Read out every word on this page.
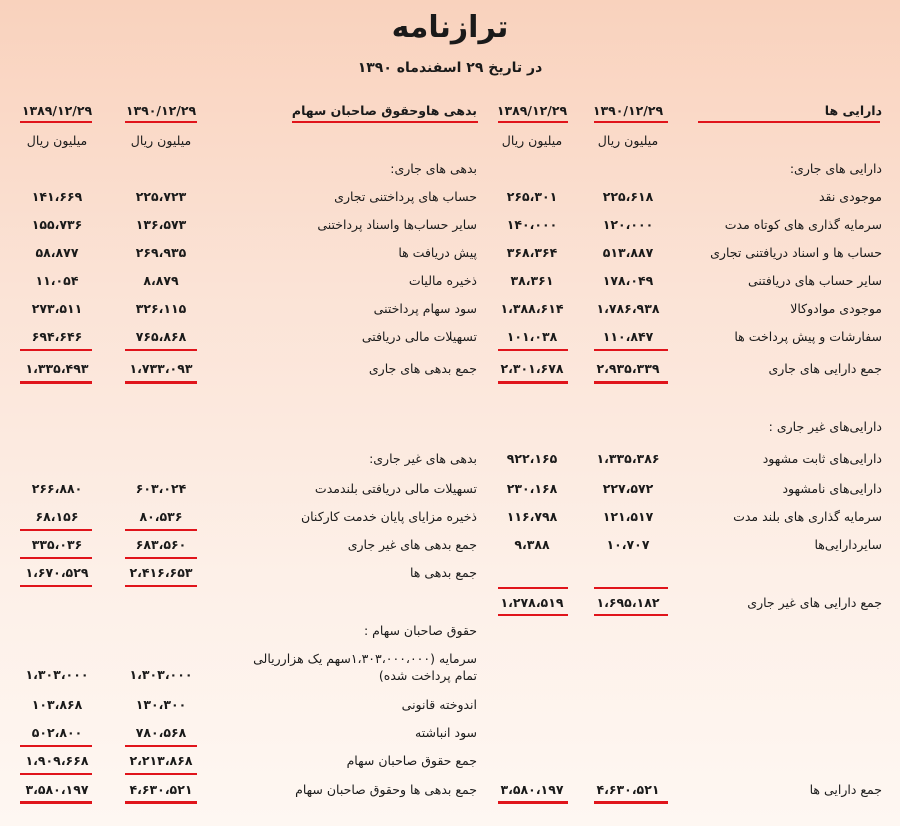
ترازنامه
در تاریخ ۲۹ اسفندماه ۱۳۹۰
دارایی ها
۱۳۹۰/۱۲/۲۹
۱۳۸۹/۱۲/۲۹
بدهی هاوحقوق صاحبان سهام
۱۳۹۰/۱۲/۲۹
۱۳۸۹/۱۲/۲۹
میلیون ریال
میلیون ریال
میلیون ریال
میلیون ریال
دارایی های جاری:
بدهی های جاری:
موجودی نقد
۲۲۵،۶۱۸
۲۶۵،۳۰۱
سرمایه گذاری های کوتاه مدت
۱۲۰،۰۰۰
۱۴۰،۰۰۰
حساب ها و اسناد دریافتنی تجاری
۵۱۳،۸۸۷
۳۶۸،۳۶۴
سایر حساب های دریافتنی
۱۷۸،۰۴۹
۳۸،۳۶۱
موجودی موادوکالا
۱،۷۸۶،۹۳۸
۱،۳۸۸،۶۱۴
سفارشات و پیش پرداخت ها
۱۱۰،۸۴۷
۱۰۱،۰۳۸
حساب های پرداختنی تجاری
۲۲۵،۷۲۳
۱۴۱،۶۶۹
سایر حساب‌ها واسناد پرداختنی
۱۳۶،۵۷۳
۱۵۵،۷۳۶
پیش دریافت ها
۲۶۹،۹۳۵
۵۸،۸۷۷
ذخیره مالیات
۸،۸۷۹
۱۱،۰۵۴
سود سهام پرداختنی
۳۲۶،۱۱۵
۲۷۳،۵۱۱
تسهیلات مالی دریافتی
۷۶۵،۸۶۸
۶۹۴،۶۴۶
جمع دارایی های جاری
۲،۹۳۵،۳۳۹
۲،۳۰۱،۶۷۸
جمع بدهی های جاری
۱،۷۳۳،۰۹۳
۱،۳۳۵،۴۹۳
دارایی‌های غیر جاری :
بدهی های غیر جاری:	دارایی‌های ثابت مشهود
۱،۳۳۵،۳۸۶
۹۲۲،۱۶۵
دارایی‌های نامشهود
۲۲۷،۵۷۲
۲۳۰،۱۶۸
سرمایه گذاری های بلند مدت
۱۲۱،۵۱۷
۱۱۶،۷۹۸
سایردارایی‌ها
۱۰،۷۰۷
۹،۳۸۸
تسهیلات مالی دریافتی بلندمدت
۶۰۳،۰۲۴
۲۶۶،۸۸۰
ذخیره مزایای پایان خدمت کارکنان
۸۰،۵۳۶
۶۸،۱۵۶
جمع بدهی های غیر جاری
۶۸۳،۵۶۰
۳۳۵،۰۳۶
جمع بدهی ها
۲،۴۱۶،۶۵۳
۱،۶۷۰،۵۲۹
۱،۶۹۵،۱۸۲
۱،۲۷۸،۵۱۹	جمع دارایی های غیر جاری
حقوق صاحبان سهام :
سرمایه (۱،۳۰۳،۰۰۰،۰۰۰سهم یک هزارریالی تمام پرداخت شده)
۱،۳۰۳،۰۰۰
۱،۳۰۳،۰۰۰
اندوخته قانونی
۱۳۰،۳۰۰
۱۰۳،۸۶۸
سود انباشته
۷۸۰،۵۶۸
۵۰۲،۸۰۰
جمع حقوق صاحبان سهام
۲،۲۱۳،۸۶۸
۱،۹۰۹،۶۶۸
جمع دارایی ها
۴،۶۳۰،۵۲۱
۳،۵۸۰،۱۹۷
جمع بدهی ها وحقوق صاحبان سهام
۴،۶۳۰،۵۲۱
۳،۵۸۰،۱۹۷
